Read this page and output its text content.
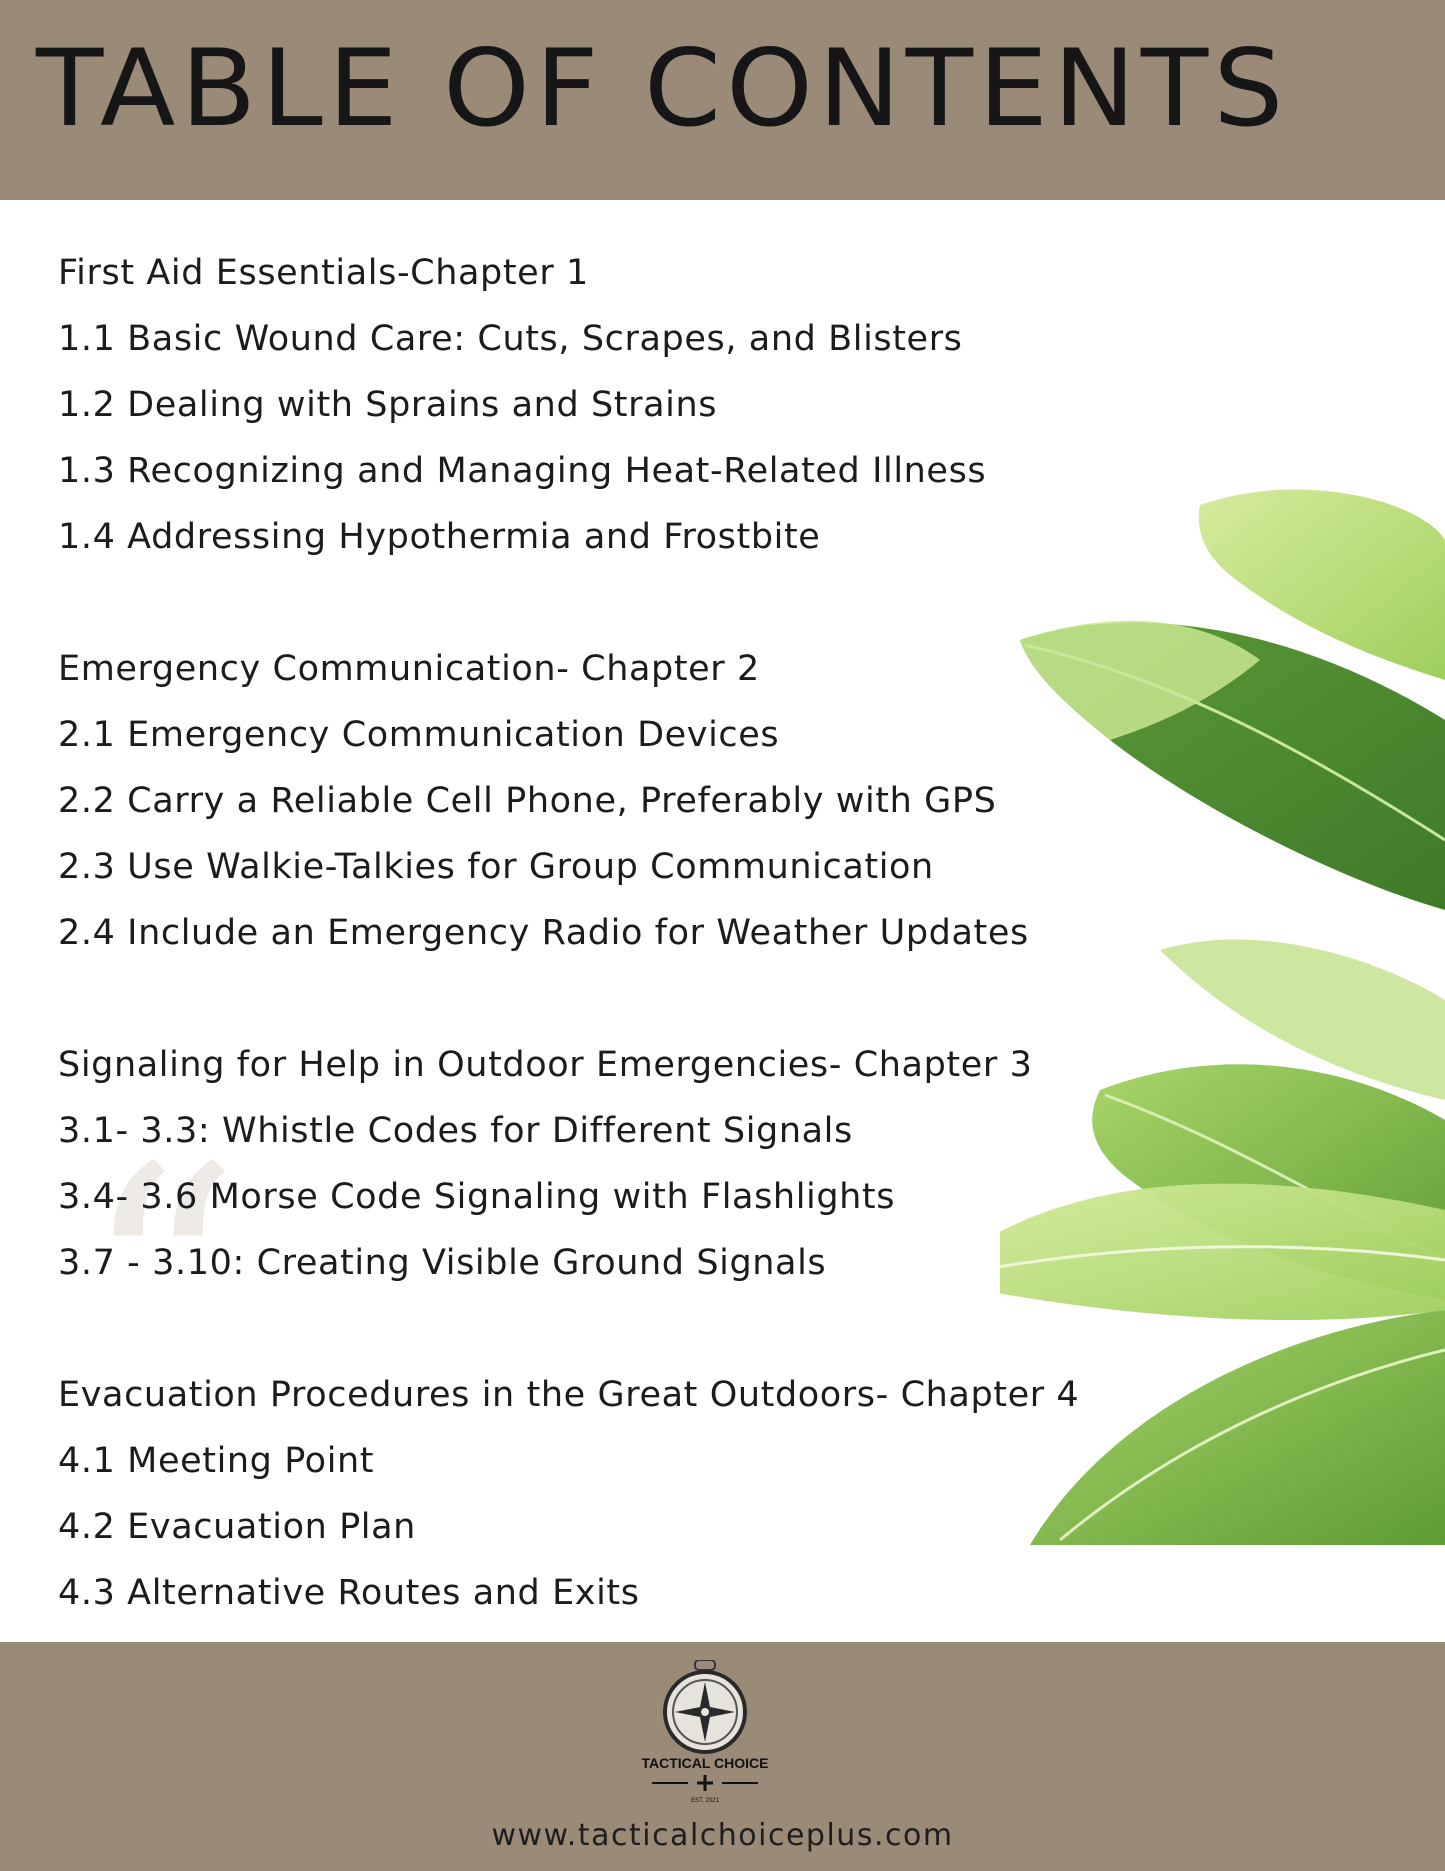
TABLE OF CONTENTS
“
First Aid Essentials-Chapter 1
1.1 Basic Wound Care: Cuts, Scrapes, and Blisters
1.2 Dealing with Sprains and Strains
1.3 Recognizing and Managing Heat-Related Illness
1.4 Addressing Hypothermia and Frostbite
Emergency Communication- Chapter 2
2.1 Emergency Communication Devices
2.2 Carry a Reliable Cell Phone, Preferably with GPS
2.3 Use Walkie-Talkies for Group Communication
2.4 Include an Emergency Radio for Weather Updates
Signaling for Help in Outdoor Emergencies- Chapter 3
3.1- 3.3: Whistle Codes for Different Signals
3.4- 3.6 Morse Code Signaling with Flashlights
3.7 - 3.10: Creating Visible Ground Signals
Evacuation Procedures in the Great Outdoors- Chapter 4
4.1 Meeting Point
4.2 Evacuation Plan
4.3 Alternative Routes and Exits
TACTICAL CHOICE
EST. 2021
www.tacticalchoiceplus.com
